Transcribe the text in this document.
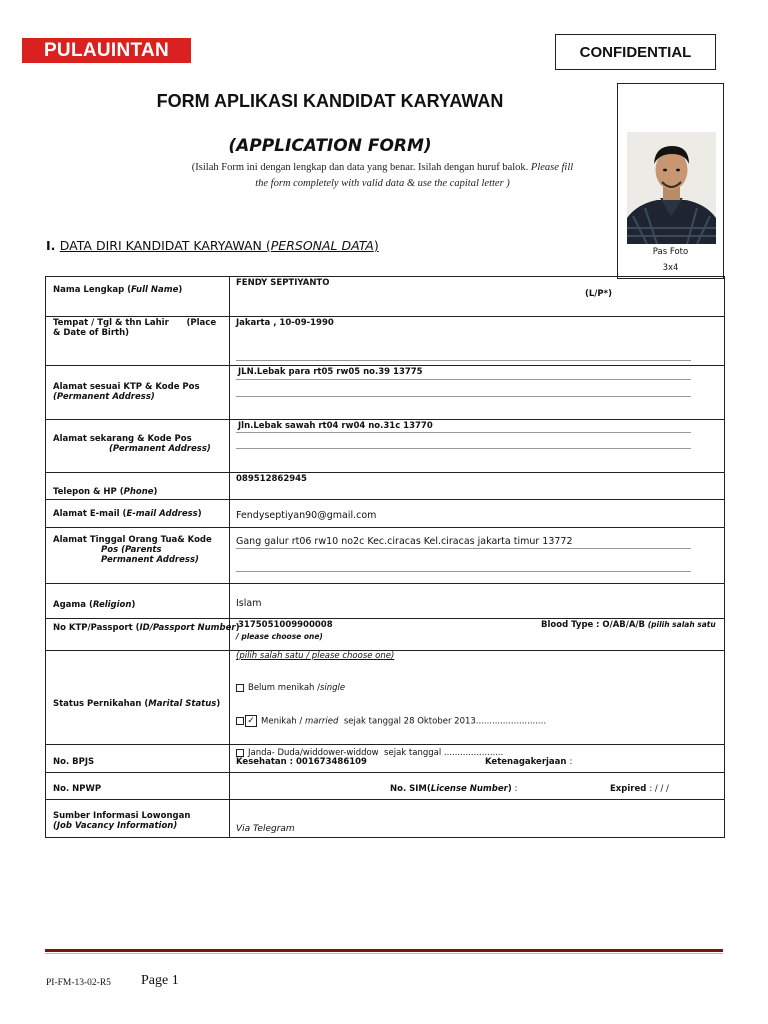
PULAUINTAN	CONFIDENTIAL
FORM APLIKASI KANDIDAT KARYAWAN
(APPLICATION FORM)
(Isilah Form ini dengan lengkap dan data yang benar. Isilah dengan huruf balok. Please fill
the form completely with valid data & use the capital letter )
Pas Foto
3x4
I. DATA DIRI KANDIDAT KARYAWAN (PERSONAL DATA)
Nama Lengkap (Full Name)	FENDY SEPTIYANTO
(L/P*)

Tempat / Tgl & thn Lahir (Place & Date of Birth)	Jakarta , 10-09-1990

Alamat sesuai KTP & Kode Pos
(Permanent Address)	JLN.Lebak para rt05 rw05 no.39 13775

Alamat sekarang & Kode Pos
(Permanent Address)	Jln.Lebak sawah rt04 rw04 no.31c 13770

Telepon & HP (Phone)	089512862945

Alamat E-mail (E-mail Address)	Fendyseptiyan90@gmail.com

Alamat Tinggal Orang Tua& Kode
Pos (Parents
Permanent Address)	Gang galur rt06 rw10 no2c Kec.ciracas Kel.ciracas jakarta timur 13772

Agama (Religion)	Islam

No KTP/Passport (ID/Passport Number)	3175051009900008
/ please choose one)
Blood Type : O/AB/A/B (pilih salah satu

Status Pernikahan (Marital Status)	(pilih salah satu / please choose one)
Belum menikah /single
✓ Menikah / married sejak tanggal 28 Oktober 2013..........................
Janda- Duda/widdower-widdow sejak tanggal ......................

No. BPJS	Kesehatan : 001673486109 Ketenagakerjaan :

No. NPWP	No. SIM(License Number) : Expired : / / /

Sumber Informasi Lowongan
(Job Vacancy Information)	Via Telegram
PI-FM-13-02-R5 Page 1
